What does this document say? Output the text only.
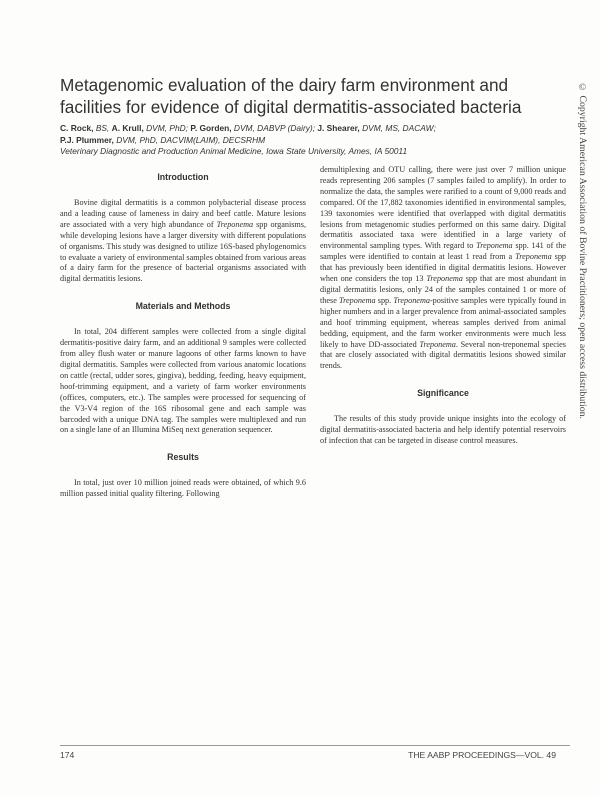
Metagenomic evaluation of the dairy farm environment and facilities for evidence of digital dermatitis-associated bacteria
C. Rock, BS, A. Krull, DVM, PhD; P. Gorden, DVM, DABVP (Dairy); J. Shearer, DVM, MS, DACAW;
P.J. Plummer, DVM, PhD, DACVIM(LAIM), DECSRHM
Veterinary Diagnostic and Production Animal Medicine, Iowa State University, Ames, IA 50011
Introduction

Bovine digital dermatitis is a common polybacterial disease process and a leading cause of lameness in dairy and beef cattle. Mature lesions are associated with a very high abundance of Treponema spp organisms, while developing lesions have a larger diversity with different populations of organisms. This study was designed to utilize 16S-based phylogenomics to evaluate a variety of environmental samples obtained from various areas of a dairy farm for the presence of bacterial organisms associated with digital dermatitis lesions.

Materials and Methods

In total, 204 different samples were collected from a single digital dermatitis-positive dairy farm, and an additional 9 samples were collected from alley flush water or manure lagoons of other farms known to have digital dermatitis. Samples were collected from various anatomic locations on cattle (rectal, udder sores, gingiva), bedding, feeding, heavy equipment, hoof-trimming equipment, and a variety of farm worker environments (offices, computers, etc.). The samples were processed for sequencing of the V3-V4 region of the 16S ribosomal gene and each sample was barcoded with a unique DNA tag. The samples were multiplexed and run on a single lane of an Illumina MiSeq next generation sequencer.

Results

In total, just over 10 million joined reads were obtained, of which 9.6 million passed initial quality filtering. Following

demultiplexing and OTU calling, there were just over 7 million unique reads representing 206 samples (7 samples failed to amplify). In order to normalize the data, the samples were rarified to a count of 9,000 reads and compared. Of the 17,882 taxonomies identified in environmental samples, 139 taxonomies were identified that overlapped with digital dermatitis lesions from metagenomic studies performed on this same dairy. Digital dermatitis associated taxa were identified in a large variety of environmental sampling types. With regard to Treponema spp. 141 of the samples were identified to contain at least 1 read from a Treponema spp that has previously been identified in digital dermatitis lesions. However when one considers the top 13 Treponema spp that are most abundant in digital dermatitis lesions, only 24 of the samples contained 1 or more of these Treponema spp. Treponema-positive samples were typically found in higher numbers and in a larger prevalence from animal-associated samples and hoof trimming equipment, whereas samples derived from animal bedding, equipment, and the farm worker environments were much less likely to have DD-associated Treponema. Several non-treponemal species that are closely associated with digital dermatitis lesions showed similar trends.

Significance

The results of this study provide unique insights into the ecology of digital dermatitis-associated bacteria and help identify potential reservoirs of infection that can be targeted in disease control measures.

© Copyright American Association of Bovine Practitioners; open access distribution.
174	THE AABP PROCEEDINGS—VOL. 49
